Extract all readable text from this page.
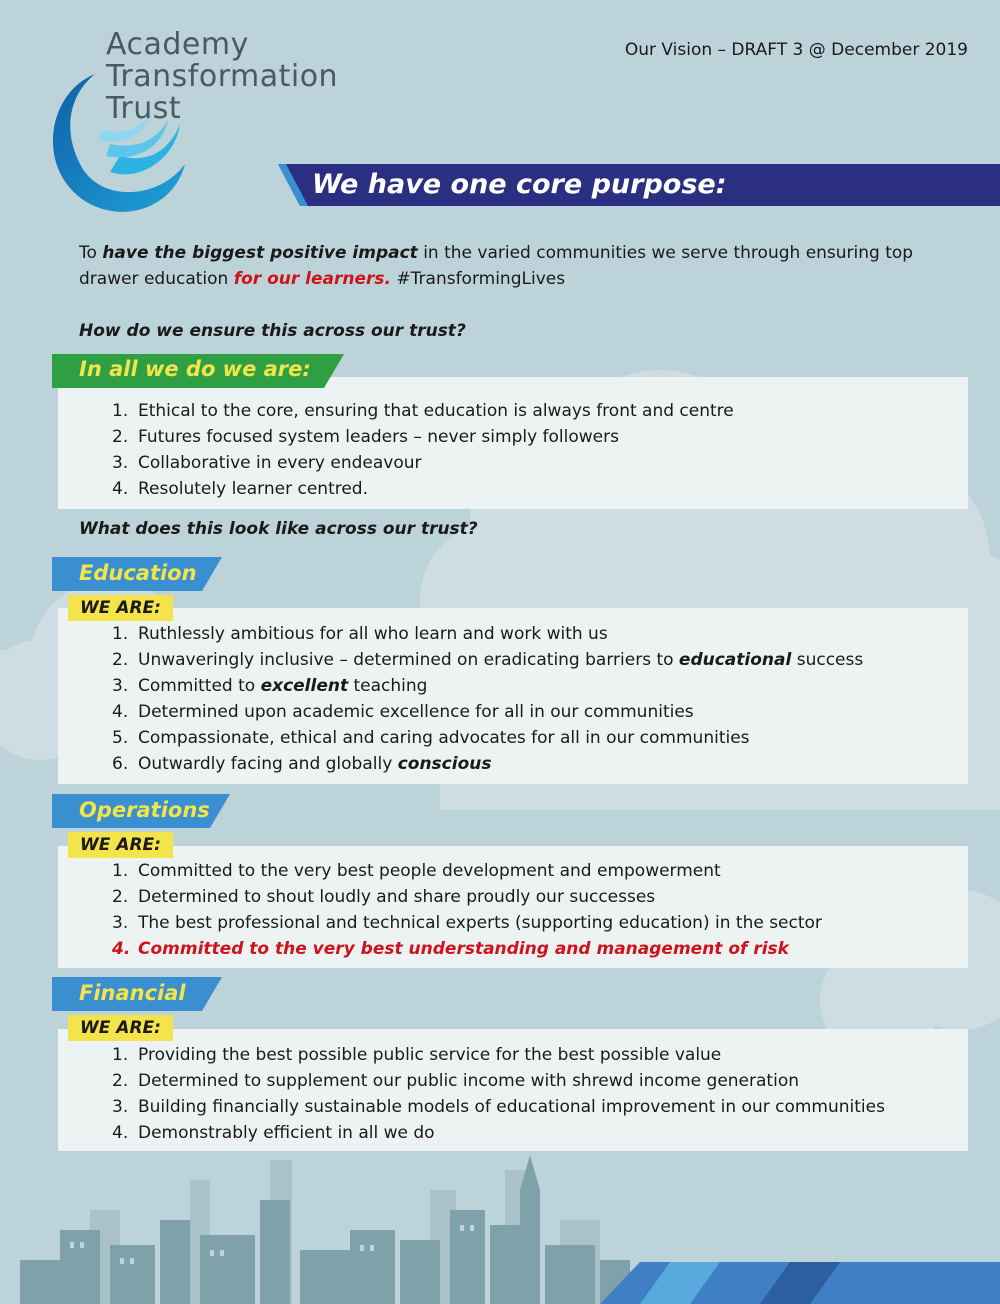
Our Vision – DRAFT 3 @ December 2019
Academy
Transformation
Trust
We have one core purpose:
To have the biggest positive impact in the varied communities we serve through ensuring top drawer education for our learners. #TransformingLives
How do we ensure this across our trust?
In all we do we are:
1. Ethical to the core, ensuring that education is always front and centre
2. Futures focused system leaders – never simply followers
3. Collaborative in every endeavour
4. Resolutely learner centred.
What does this look like across our trust?
Education
WE ARE:
1. Ruthlessly ambitious for all who learn and work with us
2. Unwaveringly inclusive – determined on eradicating barriers to educational success
3. Committed to excellent teaching
4. Determined upon academic excellence for all in our communities
5. Compassionate, ethical and caring advocates for all in our communities
6. Outwardly facing and globally conscious
Operations
WE ARE:
1. Committed to the very best people development and empowerment
2. Determined to shout loudly and share proudly our successes
3. The best professional and technical experts (supporting education) in the sector
4. Committed to the very best understanding and management of risk
Financial
WE ARE:
1. Providing the best possible public service for the best possible value
2. Determined to supplement our public income with shrewd income generation
3. Building financially sustainable models of educational improvement in our communities
4. Demonstrably efficient in all we do
